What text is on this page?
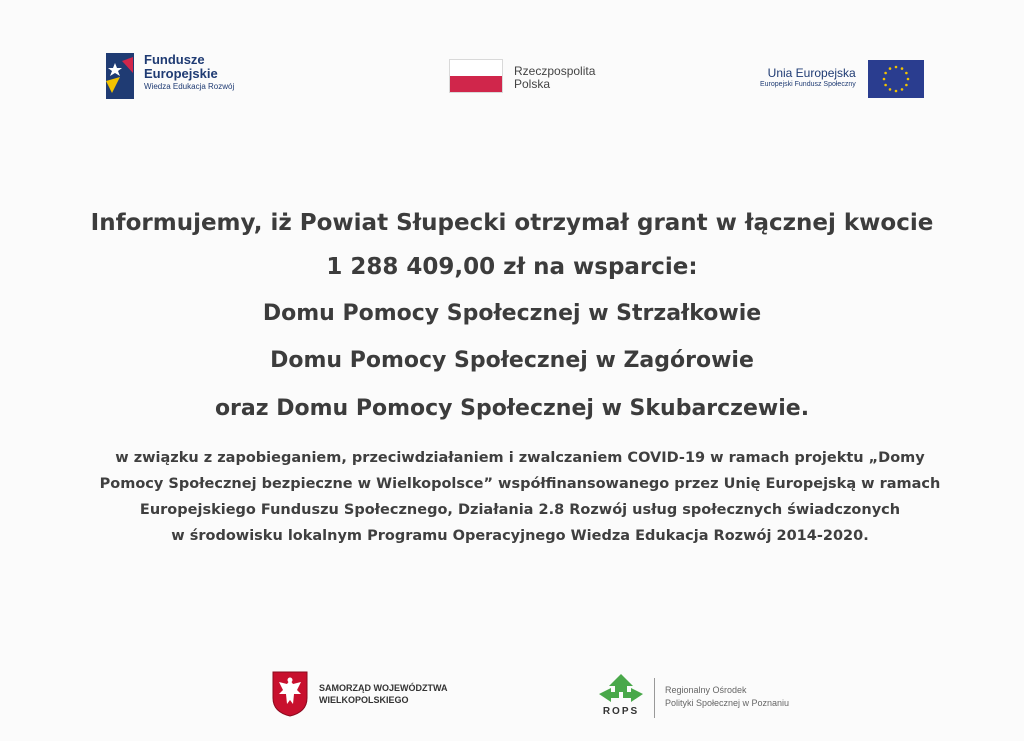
Fundusze
Europejskie
Wiedza Edukacja Rozwój
Rzeczpospolita
Polska
Unia Europejska
Europejski Fundusz Społeczny
Informujemy, iż Powiat Słupecki otrzymał grant w łącznej kwocie
1 288 409,00 zł na wsparcie:
Domu Pomocy Społecznej w Strzałkowie
Domu Pomocy Społecznej w Zagórowie
oraz Domu Pomocy Społecznej w Skubarczewie.
w związku z zapobieganiem, przeciwdziałaniem i zwalczaniem COVID-19 w ramach projektu „Domy
Pomocy Społecznej bezpieczne w Wielkopolsce” współfinansowanego przez Unię Europejską w ramach
Europejskiego Funduszu Społecznego, Działania 2.8 Rozwój usług społecznych świadczonych
w środowisku lokalnym Programu Operacyjnego Wiedza Edukacja Rozwój 2014-2020.
SAMORZĄD WOJEWÓDZTWA
WIELKOPOLSKIEGO
ROPS
Regionalny Ośrodek
Polityki Społecznej w Poznaniu
